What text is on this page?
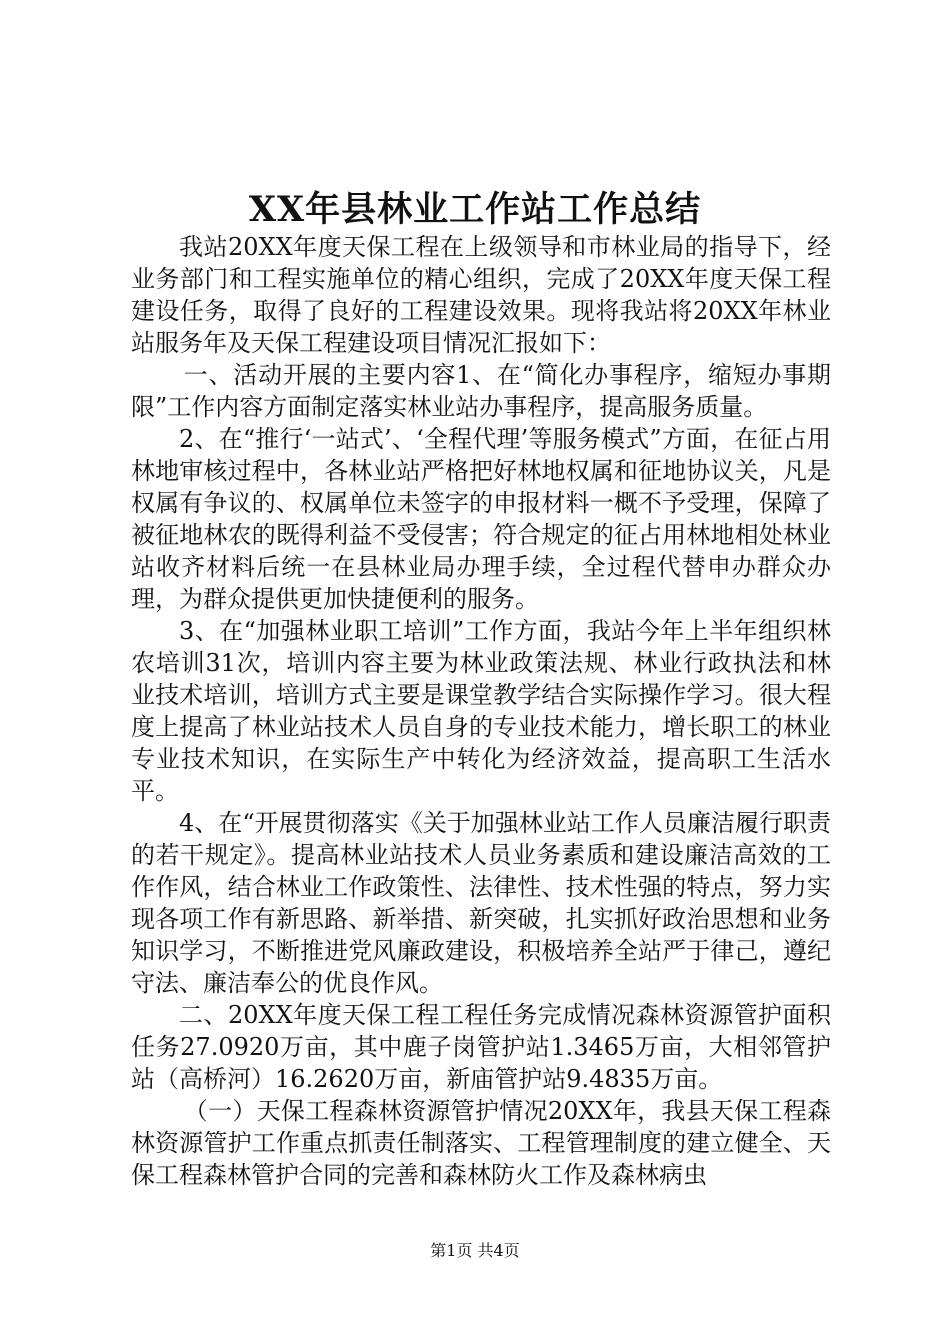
XX年县林业工作站工作总结

我站20XX年度天保工程在上级领导和市林业局的指导下，经业务部门和工程实施单位的精心组织，完成了20XX年度天保工程建设任务，取得了良好的工程建设效果。现将我站将20XX年林业站服务年及天保工程建设项目情况汇报如下：

一、活动开展的主要内容1、在“简化办事程序，缩短办事期限”工作内容方面制定落实林业站办事程序，提高服务质量。

2、在“推行‘一站式’、‘全程代理’等服务模式”方面，在征占用林地审核过程中，各林业站严格把好林地权属和征地协议关，凡是权属有争议的、权属单位未签字的申报材料一概不予受理，保障了被征地林农的既得利益不受侵害；符合规定的征占用林地相处林业站收齐材料后统一在县林业局办理手续，全过程代替申办群众办理，为群众提供更加快捷便利的服务。

3、在“加强林业职工培训”工作方面，我站今年上半年组织林农培训31次，培训内容主要为林业政策法规、林业行政执法和林业技术培训，培训方式主要是课堂教学结合实际操作学习。很大程度上提高了林业站技术人员自身的专业技术能力，增长职工的林业专业技术知识，在实际生产中转化为经济效益，提高职工生活水平。

4、在“开展贯彻落实《关于加强林业站工作人员廉洁履行职责的若干规定》。提高林业站技术人员业务素质和建设廉洁高效的工作作风，结合林业工作政策性、法律性、技术性强的特点，努力实现各项工作有新思路、新举措、新突破，扎实抓好政治思想和业务知识学习，不断推进党风廉政建设，积极培养全站严于律己，遵纪守法、廉洁奉公的优良作风。

二、20XX年度天保工程工程任务完成情况森林资源管护面积任务27.0920万亩，其中鹿子岗管护站1.3465万亩，大相邻管护站（高桥河）16.2620万亩，新庙管护站9.4835万亩。

（一）天保工程森林资源管护情况20XX年，我县天保工程森林资源管护工作重点抓责任制落实、工程管理制度的建立健全、天保工程森林管护合同的完善和森林防火工作及森林病虫

第1页 共4页
